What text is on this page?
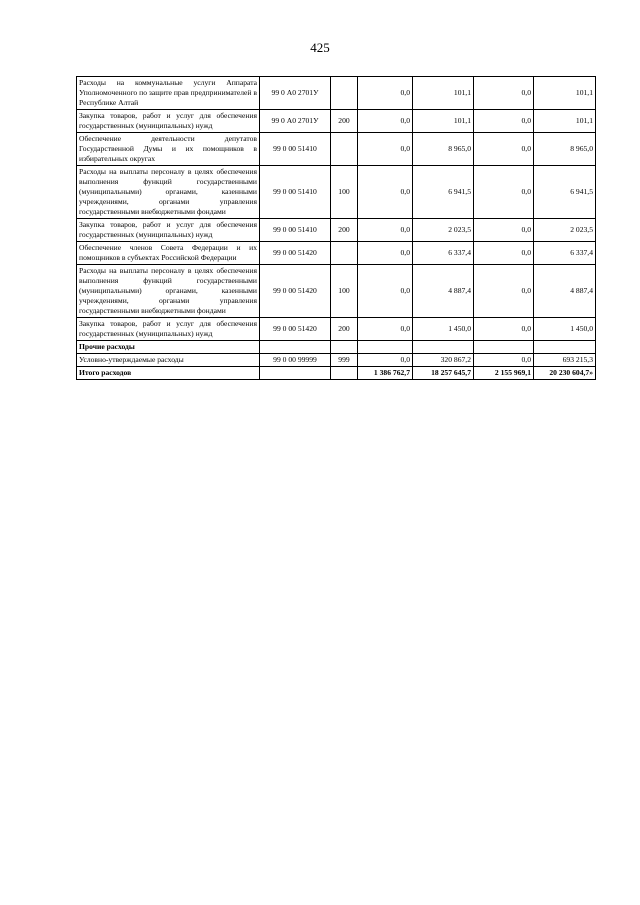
425
Расходы на коммунальные услуги Аппарата Уполномоченного по защите прав предпринимателей в Республике Алтай	99 0 А0 2701У		0,0	101,1	0,0	101,1
Закупка товаров, работ и услуг для обеспечения государственных (муниципальных) нужд	99 0 А0 2701У	200	0,0	101,1	0,0	101,1
Обеспечение деятельности депутатов Государственной Думы и их помощников в избирательных округах	99 0 00 51410		0,0	8 965,0	0,0	8 965,0
Расходы на выплаты персоналу в целях обеспечения выполнения функций государственными (муниципальными) органами, казенными учреждениями, органами управления государственными внебюджетными фондами	99 0 00 51410	100	0,0	6 941,5	0,0	6 941,5
Закупка товаров, работ и услуг для обеспечения государственных (муниципальных) нужд	99 0 00 51410	200	0,0	2 023,5	0,0	2 023,5
Обеспечение членов Совета Федерации и их помощников в субъектах Российской Федерации	99 0 00 51420		0,0	6 337,4	0,0	6 337,4
Расходы на выплаты персоналу в целях обеспечения выполнения функций государственными (муниципальными) органами, казенными учреждениями, органами управления государственными внебюджетными фондами	99 0 00 51420	100	0,0	4 887,4	0,0	4 887,4
Закупка товаров, работ и услуг для обеспечения государственных (муниципальных) нужд	99 0 00 51420	200	0,0	1 450,0	0,0	1 450,0
Прочие расходы						
Условно-утверждаемые расходы	99 0 00 99999	999	0,0	320 867,2	0,0	693 215,3
Итого расходов			1 386 762,7	18 257 645,7	2 155 969,1	20 230 604,7»
